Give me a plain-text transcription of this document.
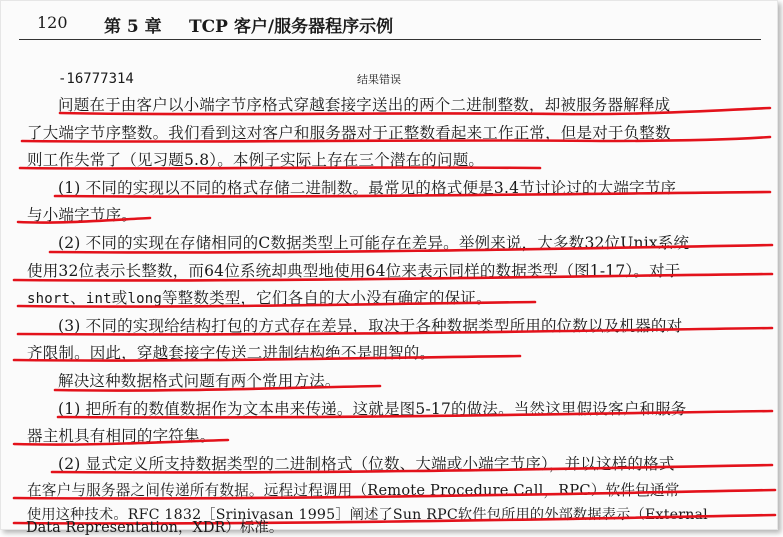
120 第 5 章 TCP 客户/服务器程序示例
-16777314	结果错误
问题在于由客户以小端字节序格式穿越套接字送出的两个二进制整数，却被服务器解释成
了大端字节序整数。我们看到这对客户和服务器对于正整数看起来工作正常，但是对于负整数
则工作失常了（见习题5.8）。本例子实际上存在三个潜在的问题。
(1) 不同的实现以不同的格式存储二进制数。最常见的格式便是3.4节讨论过的大端字节序
与小端字节序。
(2) 不同的实现在存储相同的C数据类型上可能存在差异。举例来说，大多数32位Unix系统
使用32位表示长整数，而64位系统却典型地使用64位来表示同样的数据类型（图1-17）。对于
short、int或long等整数类型，它们各自的大小没有确定的保证。
(3) 不同的实现给结构打包的方式存在差异，取决于各种数据类型所用的位数以及机器的对
齐限制。因此，穿越套接字传送二进制结构绝不是明智的。
解决这种数据格式问题有两个常用方法。
(1) 把所有的数值数据作为文本串来传递。这就是图5-17的做法。当然这里假设客户和服务
器主机具有相同的字符集。
(2) 显式定义所支持数据类型的二进制格式（位数、大端或小端字节序），并以这样的格式
在客户与服务器之间传递所有数据。远程过程调用（Remote Procedure Call，RPC）软件包通常
使用这种技术。RFC 1832［Srinivasan 1995］阐述了Sun RPC软件包所用的外部数据表示（External
Data Representation，XDR）标准。
